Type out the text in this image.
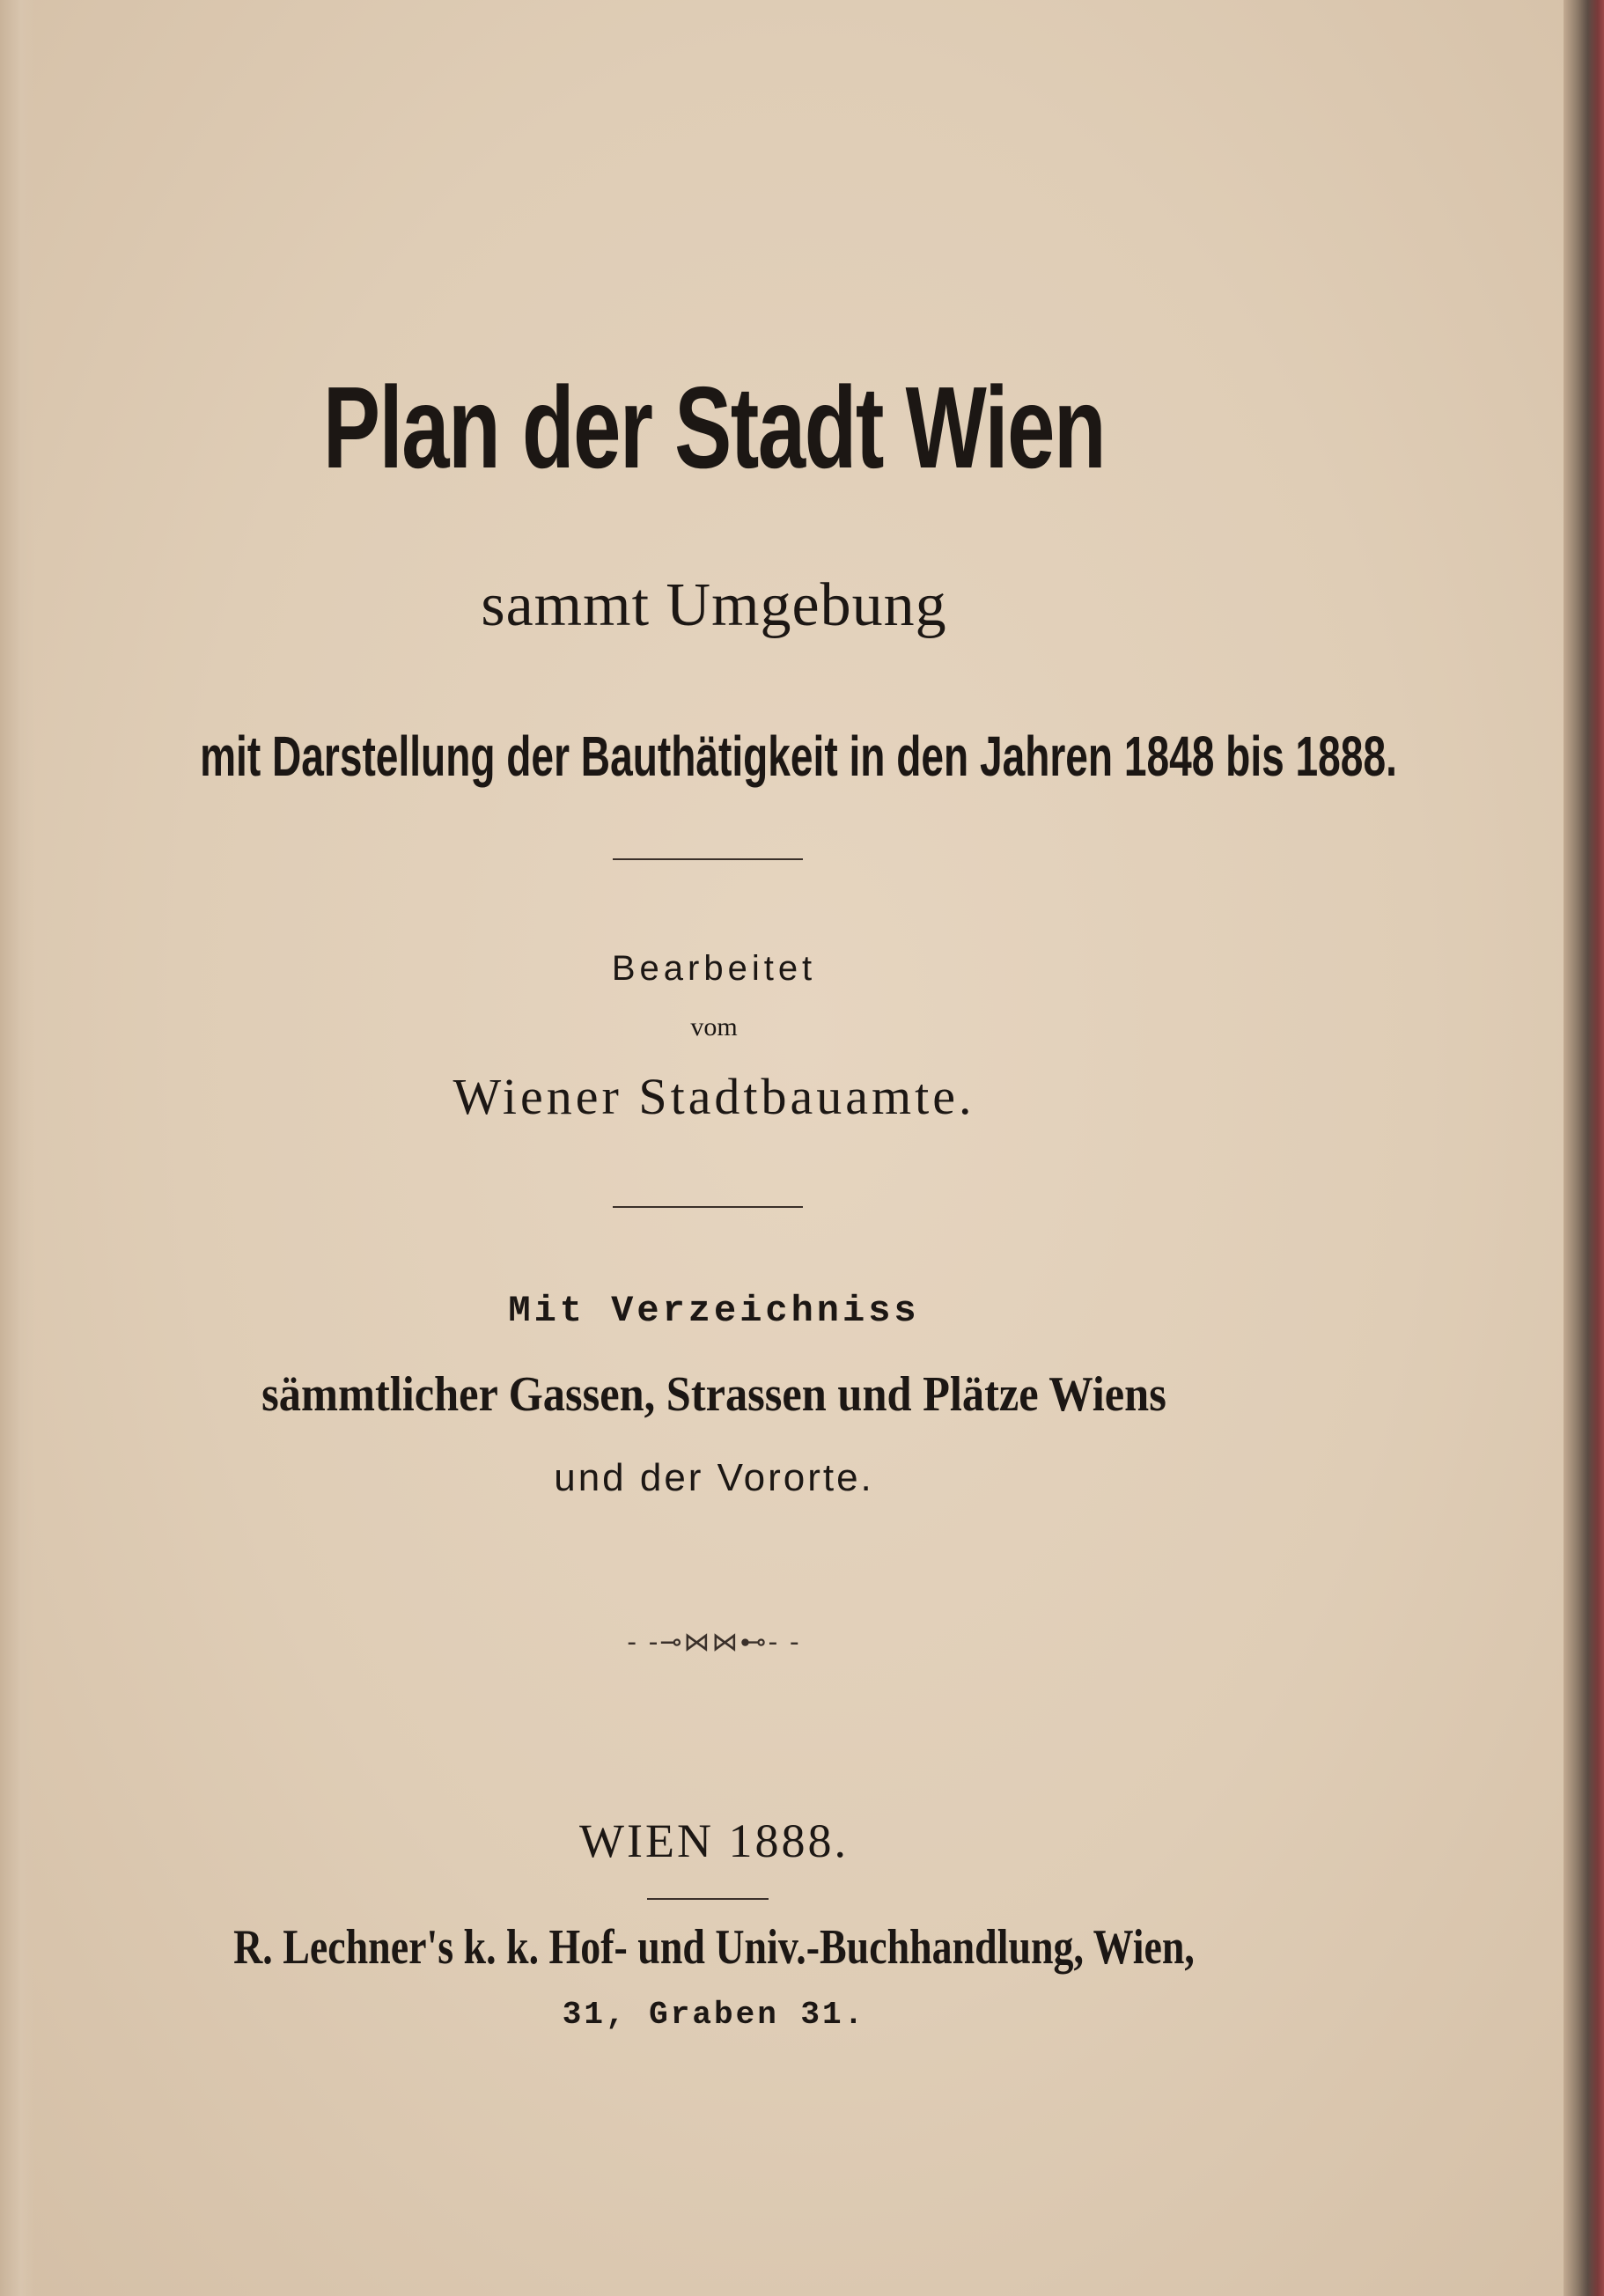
Plan der Stadt Wien
sammt Umgebung
mit Darstellung der Bauthätigkeit in den Jahren 1848 bis 1888.
Bearbeitet
vom
Wiener Stadtbauamte.
Mit Verzeichniss
sämmtlicher Gassen, Strassen und Plätze Wiens
und der Vororte.
- -⊸⋈⋈⊷- -
WIEN 1888.
R. Lechner's k. k. Hof- und Univ.-Buchhandlung, Wien,
31, Graben 31.
